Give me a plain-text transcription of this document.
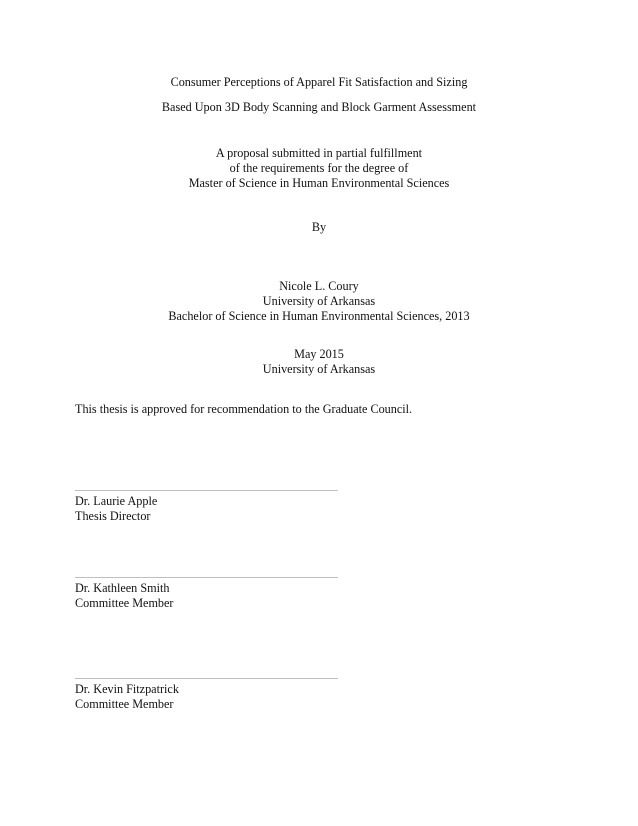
Consumer Perceptions of Apparel Fit Satisfaction and Sizing
Based Upon 3D Body Scanning and Block Garment Assessment
A proposal submitted in partial fulfillment
of the requirements for the degree of
Master of Science in Human Environmental Sciences
By
Nicole L. Coury
University of Arkansas
Bachelor of Science in Human Environmental Sciences, 2013
May 2015
University of Arkansas
This thesis is approved for recommendation to the Graduate Council.
Dr. Laurie Apple
Thesis Director
Dr. Kathleen Smith
Committee Member
Dr. Kevin Fitzpatrick
Committee Member
